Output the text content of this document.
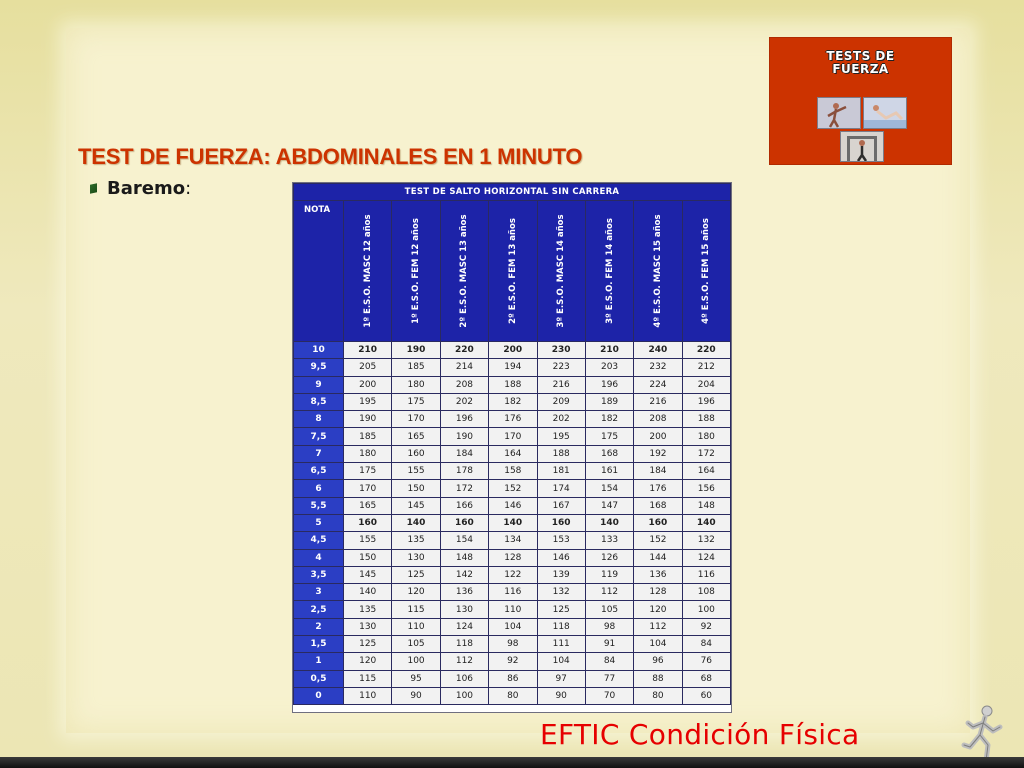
TESTS DE
FUERZA
TEST DE FUERZA: ABDOMINALES EN 1 MINUTO
Baremo :	TEST DE SALTO HORIZONTAL SIN CARRERA								
NOTA	1º E.S.O. MASC 12 años	1º E.S.O. FEM 12 años	2º E.S.O. MASC 13 años	2º E.S.O. FEM 13 años	3º E.S.O. MASC 14 años	3º E.S.O. FEM 14 años	4º E.S.O. MASC 15 años	4º E.S.O. FEM 15 años

10	210	190	220	200	230	210	240	220
9,5	205	185	214	194	223	203	232	212
9	200	180	208	188	216	196	224	204
8,5	195	175	202	182	209	189	216	196
8	190	170	196	176	202	182	208	188
7,5	185	165	190	170	195	175	200	180
7	180	160	184	164	188	168	192	172
6,5	175	155	178	158	181	161	184	164
6	170	150	172	152	174	154	176	156
5,5	165	145	166	146	167	147	168	148
5	160	140	160	140	160	140	160	140
4,5	155	135	154	134	153	133	152	132
4	150	130	148	128	146	126	144	124
3,5	145	125	142	122	139	119	136	116
3	140	120	136	116	132	112	128	108
2,5	135	115	130	110	125	105	120	100
2	130	110	124	104	118	98	112	92
1,5	125	105	118	98	111	91	104	84
1	120	100	112	92	104	84	96	76
0,5	115	95	106	86	97	77	88	68
0	110	90	100	80	90	70	80	60
EFTIC Condición Física
